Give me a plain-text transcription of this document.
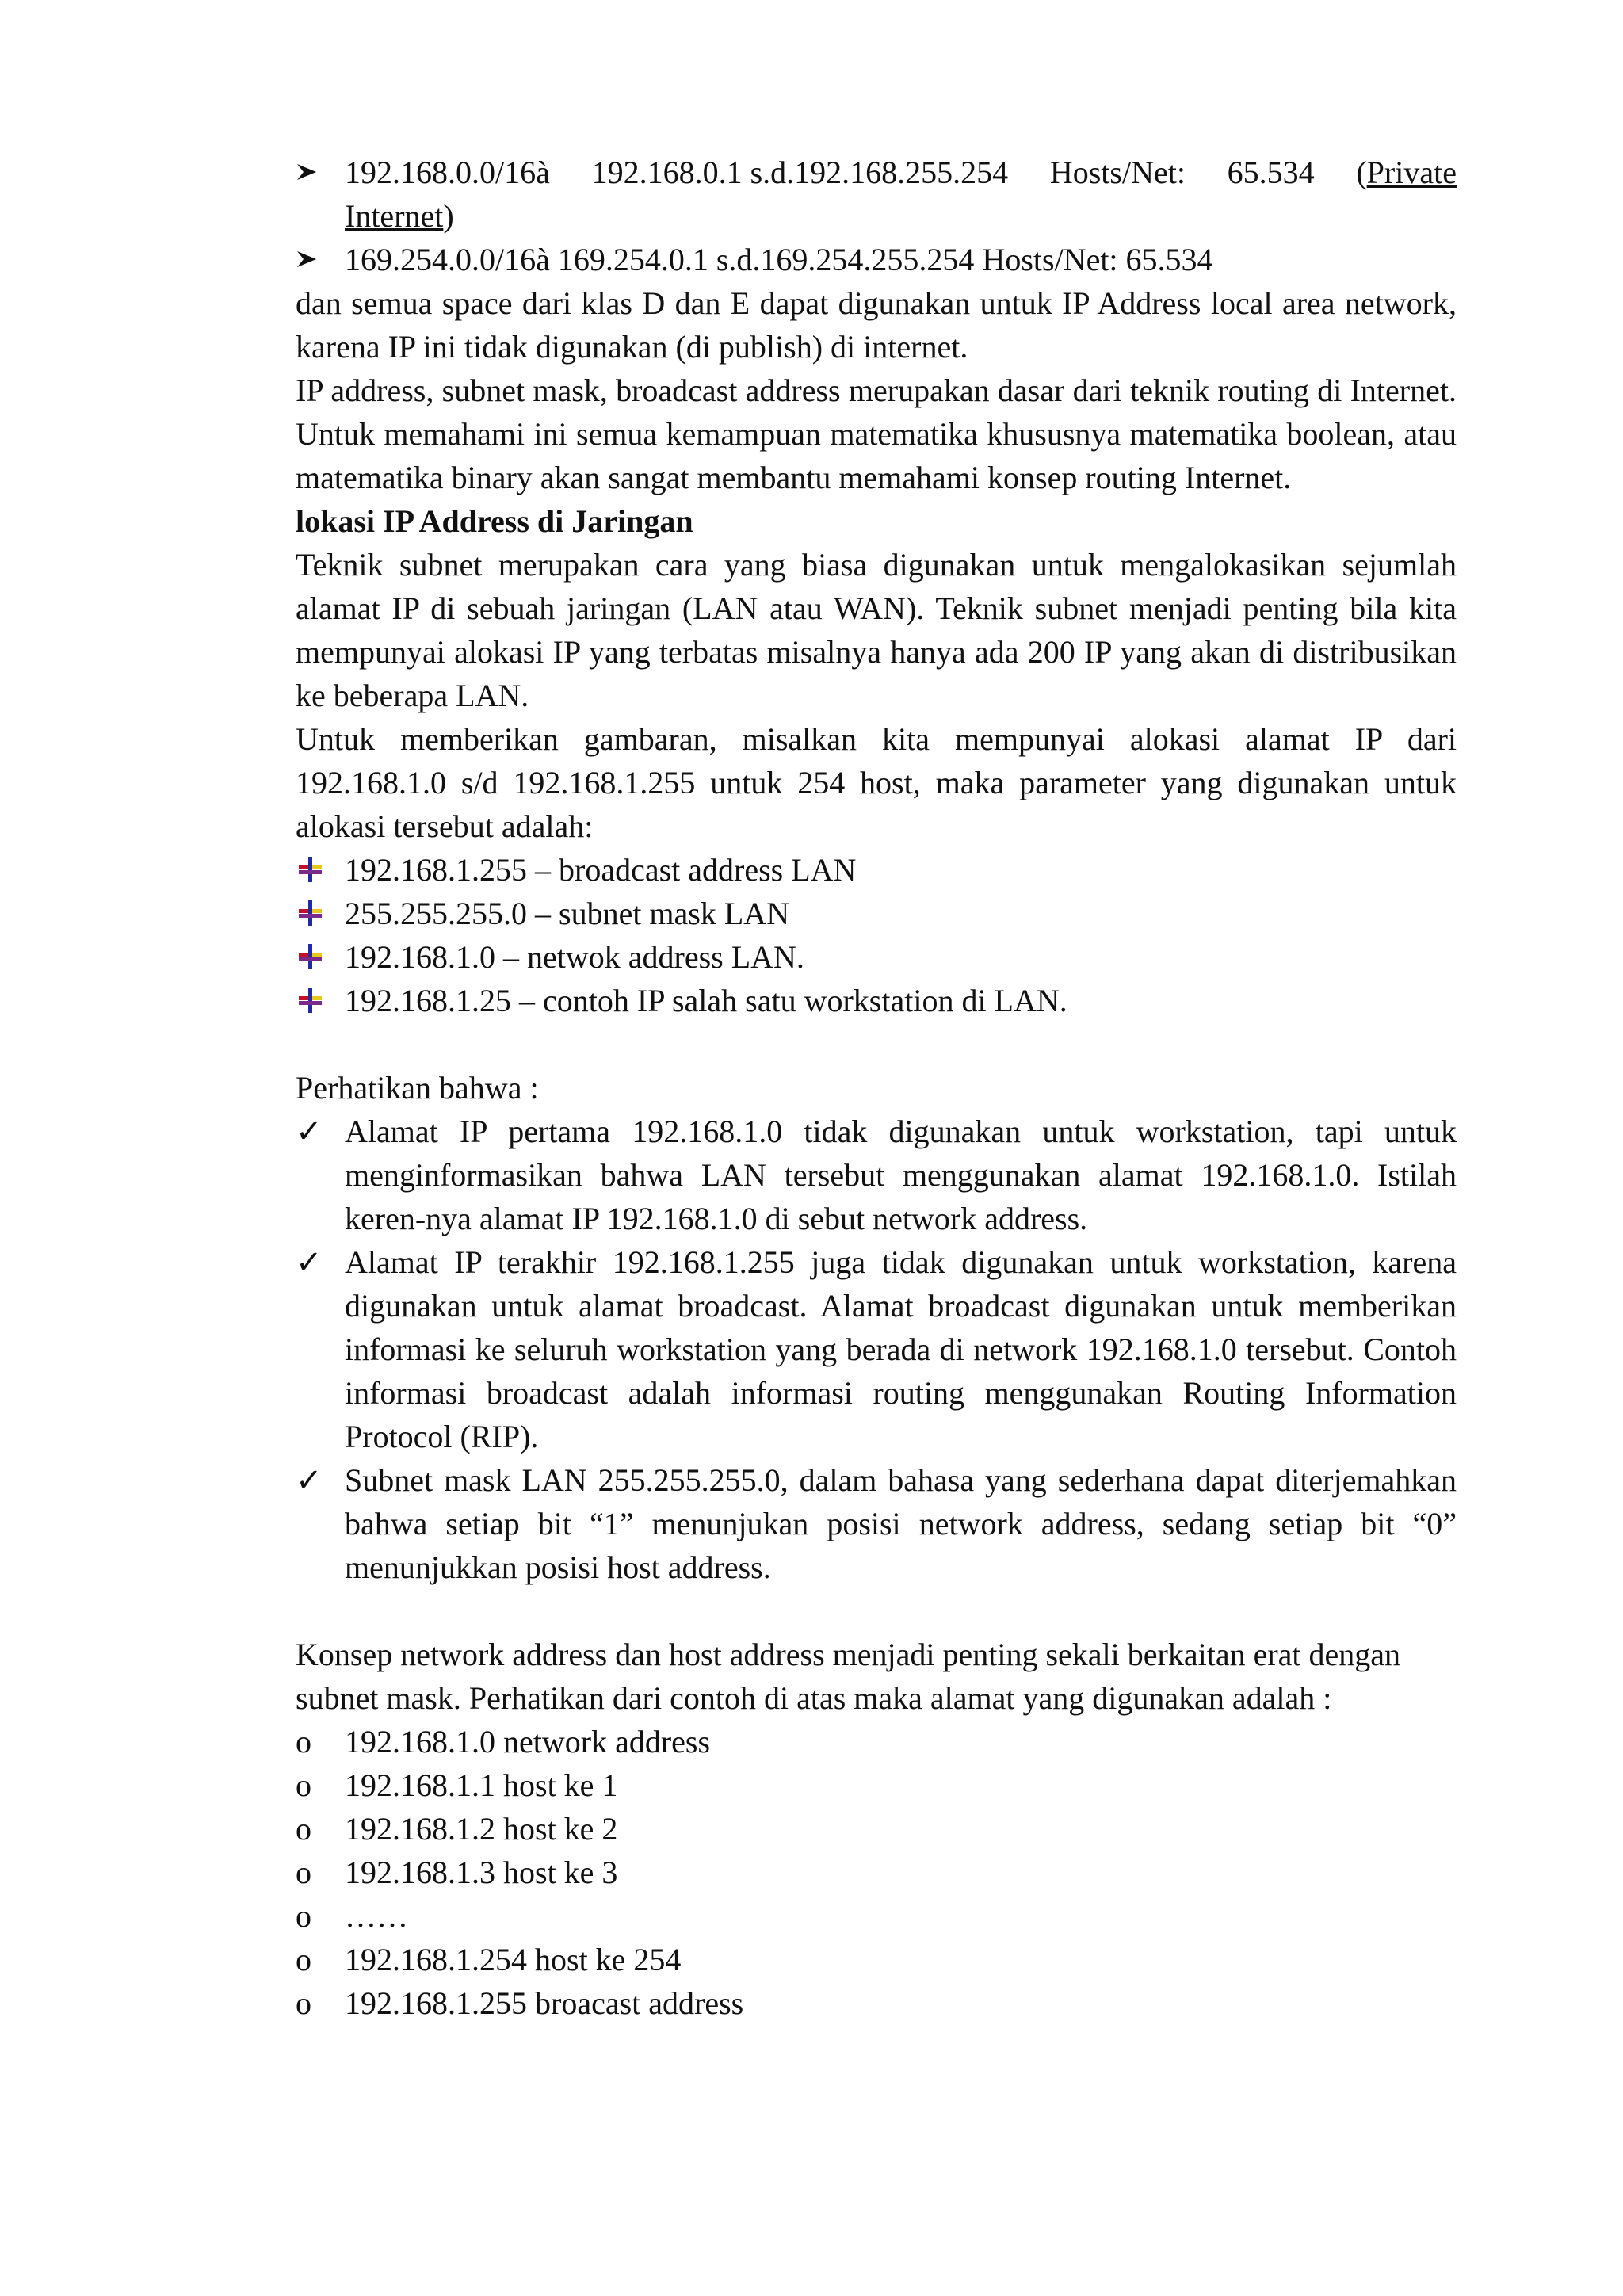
192.168.0.0/16à 192.168.0.1 s.d.192.168.255.254 Hosts/Net: 65.534 (Private
Internet)
169.254.0.0/16à 169.254.0.1 s.d.169.254.255.254 Hosts/Net: 65.534

dan semua space dari klas D dan E dapat digunakan untuk IP Address local area network, karena IP ini tidak digunakan (di publish) di internet.

IP address, subnet mask, broadcast address merupakan dasar dari teknik routing di Internet. Untuk memahami ini semua kemampuan matematika khususnya matematika boolean, atau matematika binary akan sangat membantu memahami konsep routing Internet.

lokasi IP Address di Jaringan

Teknik subnet merupakan cara yang biasa digunakan untuk mengalokasikan sejumlah alamat IP di sebuah jaringan (LAN atau WAN). Teknik subnet menjadi penting bila kita mempunyai alokasi IP yang terbatas misalnya hanya ada 200 IP yang akan di distribusikan ke beberapa LAN.

Untuk memberikan gambaran, misalkan kita mempunyai alokasi alamat IP dari 192.168.1.0 s/d 192.168.1.255 untuk 254 host, maka parameter yang digunakan untuk alokasi tersebut adalah:

192.168.1.255 – broadcast address LAN
255.255.255.0 – subnet mask LAN
192.168.1.0 – netwok address LAN.
192.168.1.25 – contoh IP salah satu workstation di LAN.

Perhatikan bahwa :

✓ Alamat IP pertama 192.168.1.0 tidak digunakan untuk workstation, tapi untuk menginformasikan bahwa LAN tersebut menggunakan alamat 192.168.1.0. Istilah keren-nya alamat IP 192.168.1.0 di sebut network address.
✓ Alamat IP terakhir 192.168.1.255 juga tidak digunakan untuk workstation, karena digunakan untuk alamat broadcast. Alamat broadcast digunakan untuk memberikan informasi ke seluruh workstation yang berada di network 192.168.1.0 tersebut. Contoh informasi broadcast adalah informasi routing menggunakan Routing Information Protocol (RIP).
✓ Subnet mask LAN 255.255.255.0, dalam bahasa yang sederhana dapat diterjemahkan bahwa setiap bit “1” menunjukan posisi network address, sedang setiap bit “0” menunjukkan posisi host address.

Konsep network address dan host address menjadi penting sekali berkaitan erat dengan subnet mask. Perhatikan dari contoh di atas maka alamat yang digunakan adalah :

o	192.168.1.0 network address
o	192.168.1.1 host ke 1
o	192.168.1.2 host ke 2
o	192.168.1.3 host ke 3
o	……
o	192.168.1.254 host ke 254
o	192.168.1.255 broacast address
